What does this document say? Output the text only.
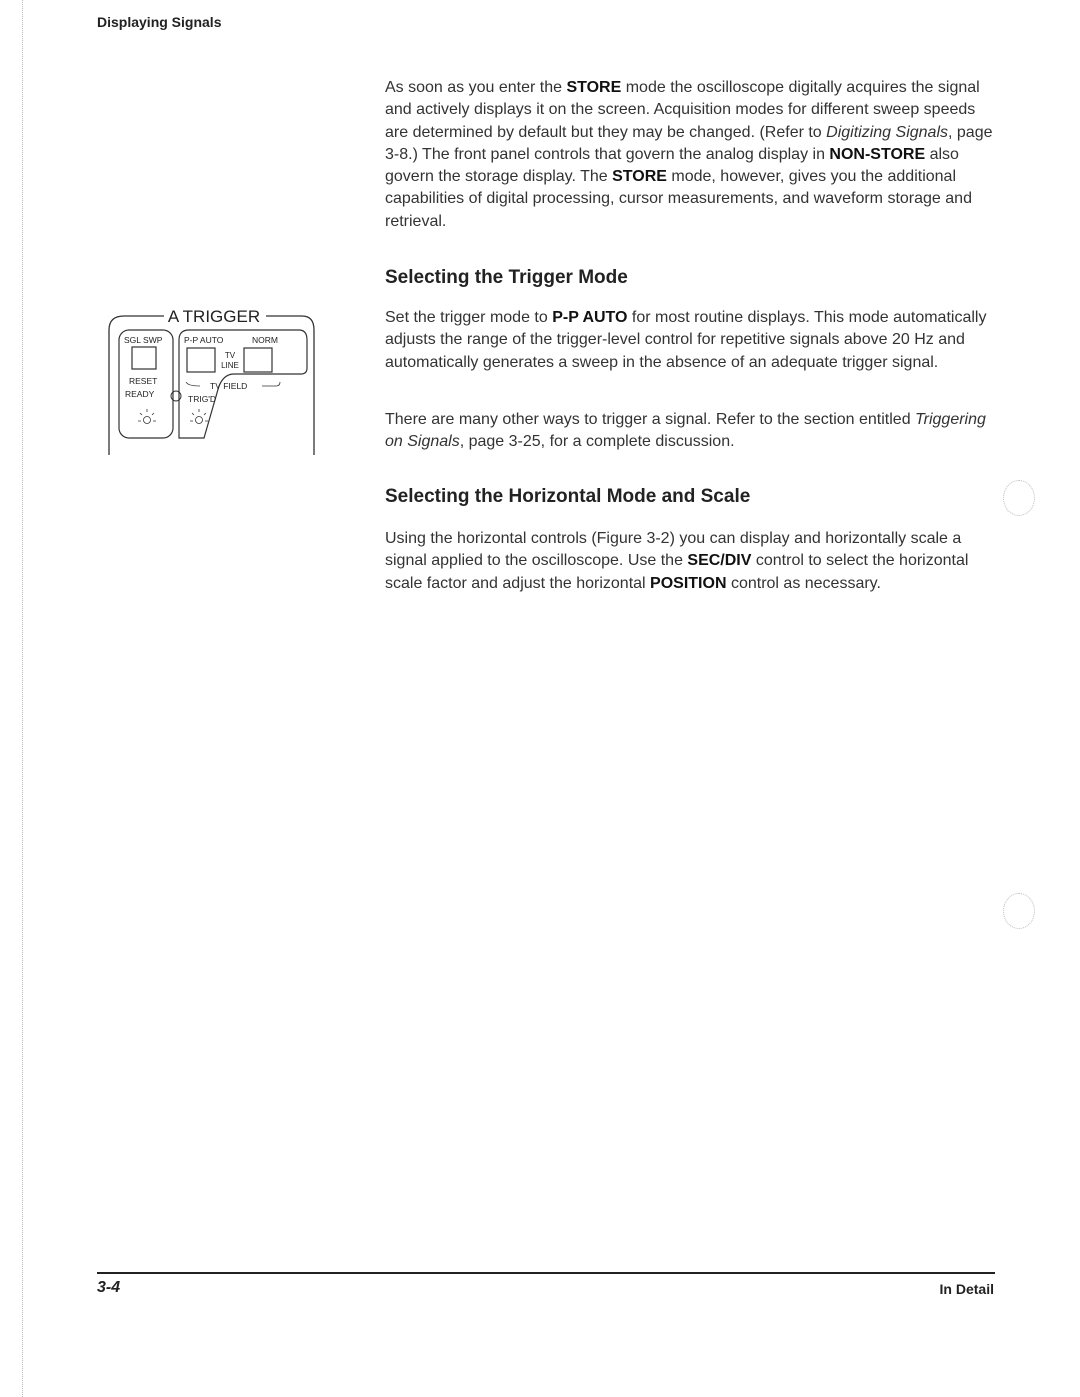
Displaying Signals

As soon as you enter the STORE mode the oscilloscope digitally acquires the signal and actively displays it on the screen. Acquisition modes for different sweep speeds are determined by default but they may be changed. (Refer to Digitizing Signals, page 3-8.) The front panel controls that govern the analog display in NON-STORE also govern the storage display. The STORE mode, however, gives you the additional capabilities of digital processing, cursor measurements, and waveform storage and retrieval.

Selecting the Trigger Mode

Set the trigger mode to P-P AUTO for most routine displays. This mode automatically adjusts the range of the trigger-level control for repetitive signals above 20 Hz and automatically generates a sweep in the absence of an adequate trigger signal.

There are many other ways to trigger a signal. Refer to the section entitled Triggering on Signals, page 3-25, for a complete discussion.

Selecting the Horizontal Mode and Scale

Using the horizontal controls (Figure 3-2) you can display and horizontally scale a signal applied to the oscilloscope. Use the SEC/DIV control to select the horizontal scale factor and adjust the horizontal POSITION control as necessary.

A TRIGGER
SGL SWP
RESET
READY
P-P AUTO	NORM
TV
LINE
TV FIELD
TRIG'D
3-4	In Detail
